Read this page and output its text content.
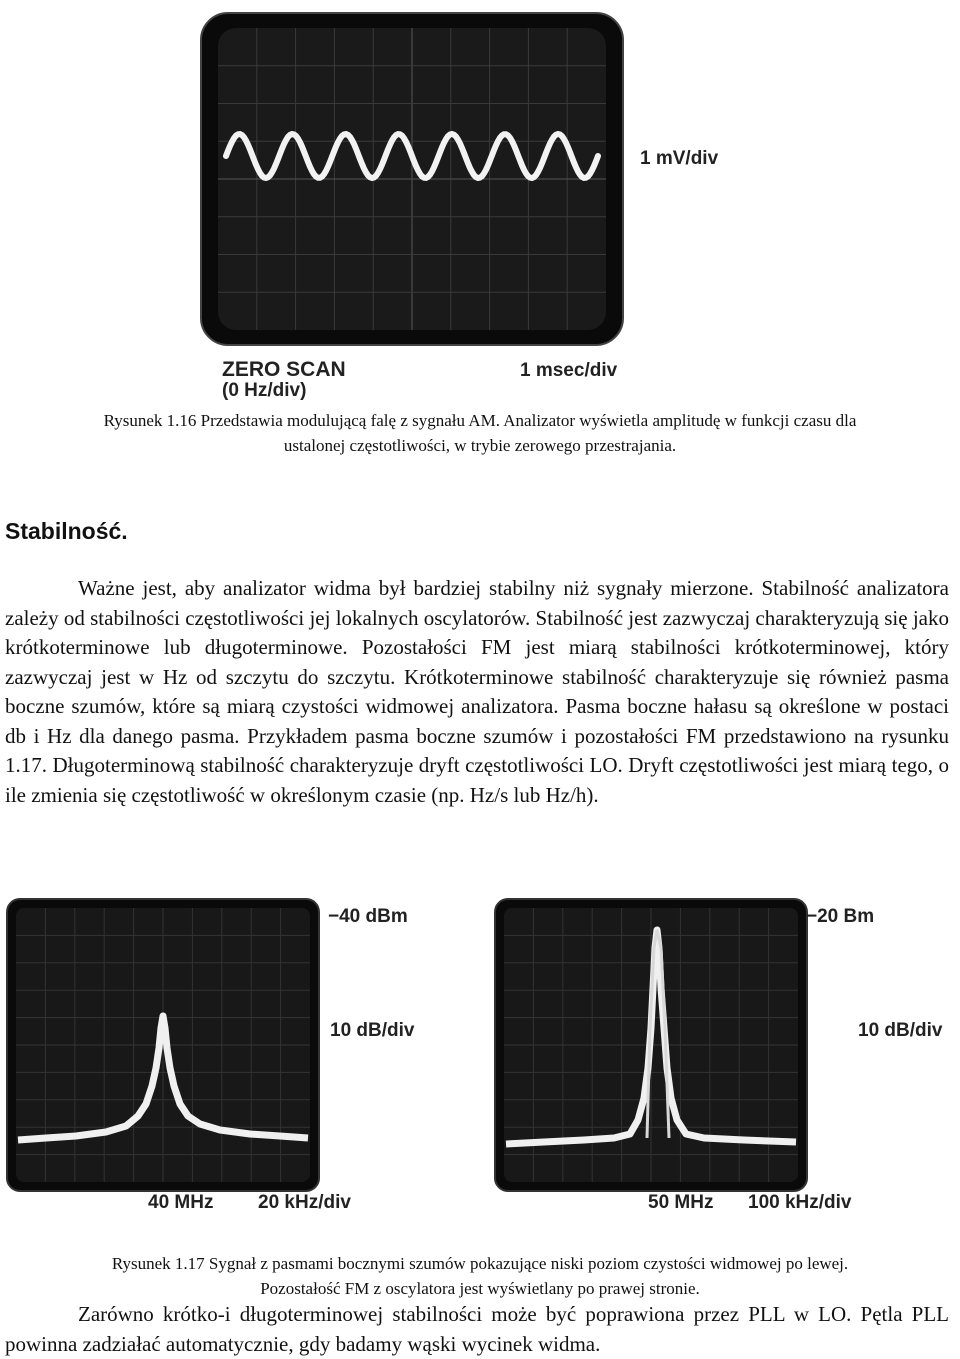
1 mV/div
ZERO SCAN
(0 Hz/div)
1 msec/div
Rysunek 1.16 Przedstawia modulującą falę z sygnału AM. Analizator wyświetla amplitudę w funkcji czasu dla
ustalonej częstotliwości, w trybie zerowego przestrajania.
Stabilność.

Ważne jest, aby analizator widma był bardziej stabilny niż sygnały mierzone. Stabilność analizatora zależy od stabilności częstotliwości jej lokalnych oscylatorów. Stabilność jest zazwyczaj charakteryzują się jako krótkoterminowe lub długoterminowe. Pozostałości FM jest miarą stabilności krótkoterminowej, który zazwyczaj jest w Hz od szczytu do szczytu. Krótkoterminowe stabilność charakteryzuje się również pasma boczne szumów, które są miarą czystości widmowej analizatora. Pasma boczne hałasu są określone w postaci db i Hz dla danego pasma. Przykładem pasma boczne szumów i pozostałości FM przedstawiono na rysunku 1.17. Długoterminową stabilność charakteryzuje dryft częstotliwości LO. Dryft częstotliwości jest miarą tego, o ile zmienia się częstotliwość w określonym czasie (np. Hz/s lub Hz/h).

−40 dBm
10 dB/div
40 MHz 20 kHz/div
−20 Bm
10 dB/div
50 MHz 100 kHz/div
Rysunek 1.17 Sygnał z pasmami bocznymi szumów pokazujące niski poziom czystości widmowej po lewej.
Pozostałość FM z oscylatora jest wyświetlany po prawej stronie.

Zarówno krótko-i długoterminowej stabilności może być poprawiona przez PLL w LO. Pętla PLL powinna zadziałać automatycznie, gdy badamy wąski wycinek widma.
